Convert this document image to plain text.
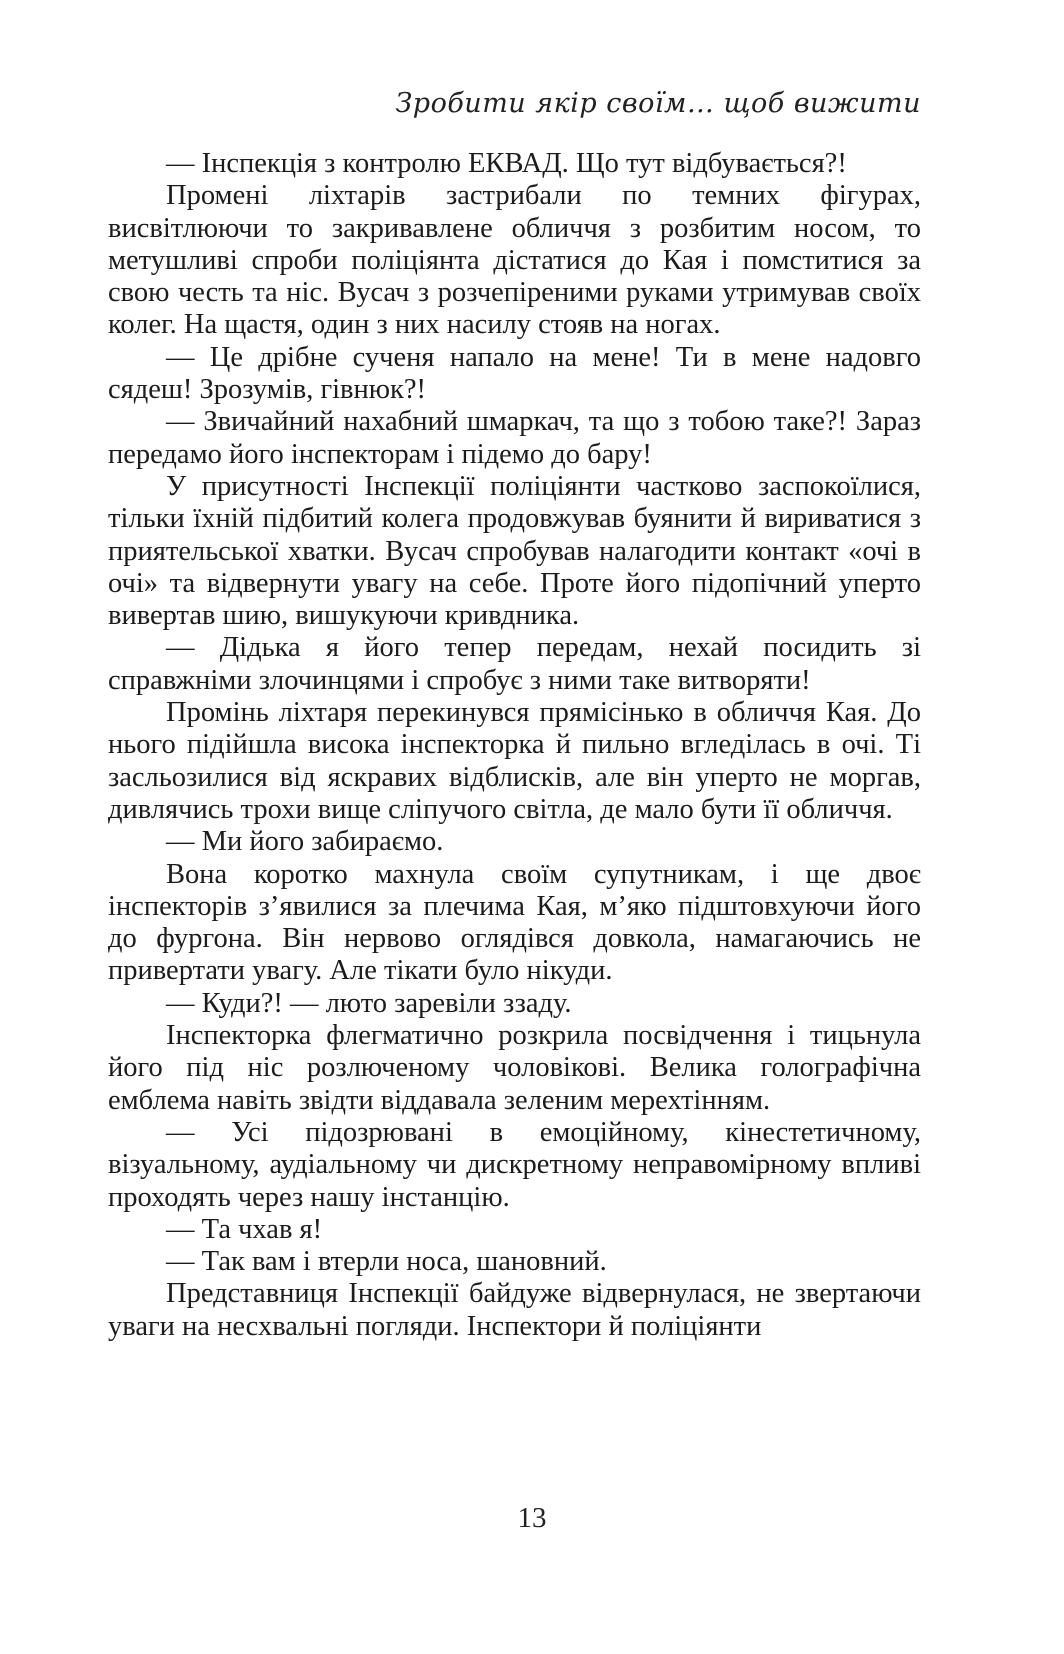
Зробити якір своїм… щоб вижити

— Інспекція з контролю ЕКВАД. Що тут відбувається?!

Промені ліхтарів застрибали по темних фігурах, висвітлюючи то закривавлене обличчя з розбитим носом, то метушливі спроби поліціянта дістатися до Кая і помститися за свою честь та ніс. Вусач з розчепіреними руками утримував своїх колег. На щастя, один з них насилу стояв на ногах.

— Це дрібне сученя напало на мене! Ти в мене надовго сядеш! Зрозумів, гівнюк?!

— Звичайний нахабний шмаркач, та що з тобою таке?! Зараз передамо його інспекторам і підемо до бару!

У присутності Інспекції поліціянти частково заспокоїлися, тільки їхній підбитий колега продовжував буянити й вириватися з приятельської хватки. Вусач спробував налагодити контакт «очі в очі» та відвернути увагу на себе. Проте його підопічний уперто вивертав шию, вишукуючи кривдника.

— Дідька я його тепер передам, нехай посидить зі справжніми злочинцями і спробує з ними таке витворяти!

Промінь ліхтаря перекинувся прямісінько в обличчя Кая. До нього підійшла висока інспекторка й пильно вгледілась в очі. Ті засльозилися від яскравих відблисків, але він уперто не моргав, дивлячись трохи вище сліпучого світла, де мало бути її обличчя.

— Ми його забираємо.

Вона коротко махнула своїм супутникам, і ще двоє інспекторів з’явилися за плечима Кая, м’яко підштовхуючи його до фургона. Він нервово оглядівся довкола, намагаючись не привертати увагу. Але тікати було нікуди.

— Куди?! — люто заревіли ззаду.

Інспекторка флегматично розкрила посвідчення і тицьнула його під ніс розлюченому чоловікові. Велика голографічна емблема навіть звідти віддавала зеленим мерехтінням.

— Усі підозрювані в емоційному, кінестетичному, візуальному, аудіальному чи дискретному неправомірному впливі проходять через нашу інстанцію.

— Та чхав я!

— Так вам і втерли носа, шановний.

Представниця Інспекції байдуже відвернулася, не звертаючи уваги на несхвальні погляди. Інспектори й поліціянти

13
